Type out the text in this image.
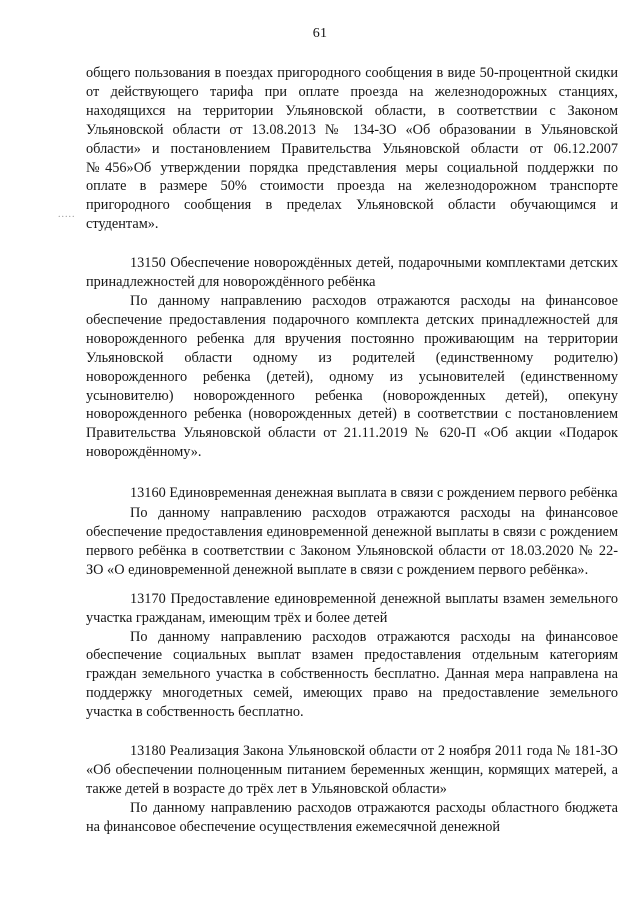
61
.....

общего пользования в поездах пригородного сообщения в виде 50-процентной скидки от действующего тарифа при оплате проезда на железнодорожных станциях, находящихся на территории Ульяновской области, в соответствии с Законом Ульяновской области от 13.08.2013 № 134-ЗО «Об образовании в Ульяновской области» и постановлением Правительства Ульяновской области от 06.12.2007 №456»Об утверждении порядка представления меры социальной поддержки по оплате в размере 50% стоимости проезда на железнодорожном транспорте пригородного сообщения в пределах Ульяновской области обучающимся и студентам».

13150 Обеспечение новорождённых детей, подарочными комплектами детских принадлежностей для новорождённого ребёнка

По данному направлению расходов отражаются расходы на финансовое обеспечение предоставления подарочного комплекта детских принадлежностей для новорожденного ребенка для вручения постоянно проживающим на территории Ульяновской области одному из родителей (единственному родителю) новорожденного ребенка (детей), одному из усыновителей (единственному усыновителю) новорожденного ребенка (новорожденных детей), опекуну новорожденного ребенка (новорожденных детей) в соответствии с постановлением Правительства Ульяновской области от 21.11.2019 № 620-П «Об акции «Подарок новорождённому».

13160 Единовременная денежная выплата в связи с рождением первого ребёнка

По данному направлению расходов отражаются расходы на финансовое обеспечение предоставления единовременной денежной выплаты в связи с рождением первого ребёнка в соответствии с Законом Ульяновской области от 18.03.2020 № 22-ЗО «О единовременной денежной выплате в связи с рождением первого ребёнка».

13170 Предоставление единовременной денежной выплаты взамен земельного участка гражданам, имеющим трёх и более детей

По данному направлению расходов отражаются расходы на финансовое обеспечение социальных выплат взамен предоставления отдельным категориям граждан земельного участка в собственность бесплатно. Данная мера направлена на поддержку многодетных семей, имеющих право на предоставление земельного участка в собственность бесплатно.

13180 Реализация Закона Ульяновской области от 2 ноября 2011 года № 181-ЗО «Об обеспечении полноценным питанием беременных женщин, кормящих матерей, а также детей в возрасте до трёх лет в Ульяновской области»

По данному направлению расходов отражаются расходы областного бюджета на финансовое обеспечение осуществления ежемесячной денежной
